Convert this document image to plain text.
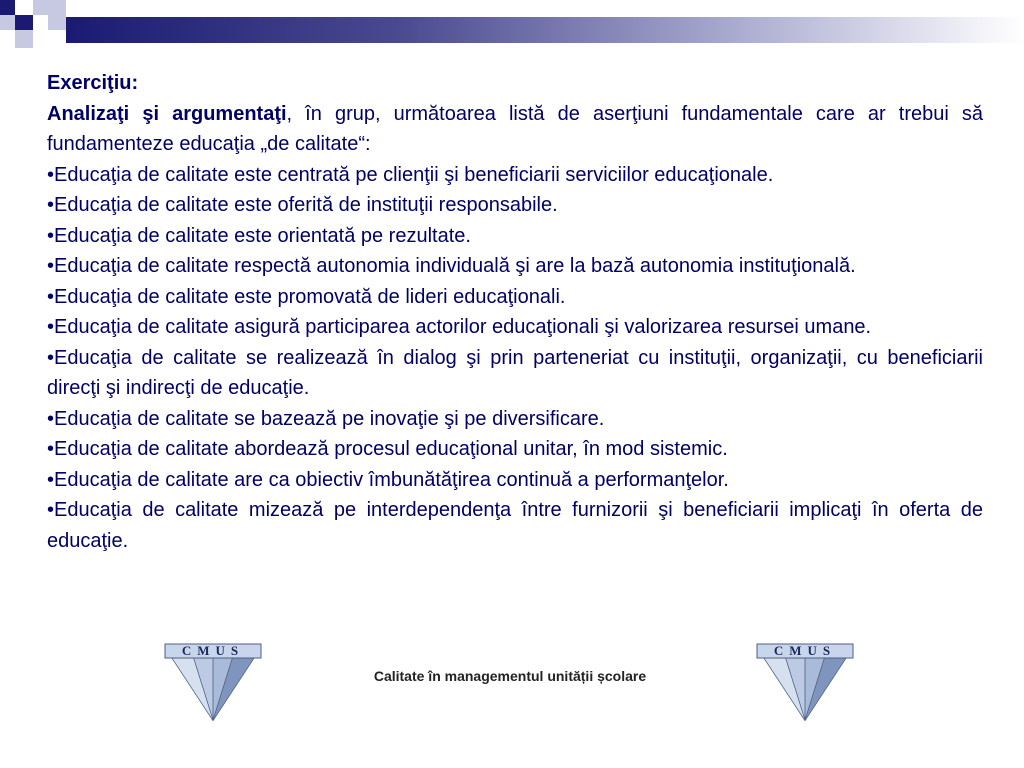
Exerciţiu:

Analizaţi şi argumentaţi, în grup, următoarea listă de aserţiuni fundamentale care ar trebui să fundamenteze educaţia „de calitate“:

• Educaţia de calitate este centrată pe clienţii şi beneficiarii serviciilor educaţionale.

• Educaţia de calitate este oferită de instituţii responsabile.

• Educaţia de calitate este orientată pe rezultate.

• Educaţia de calitate respectă autonomia individuală şi are la bază autonomia instituţională.

• Educaţia de calitate este promovată de lideri educaţionali.

• Educaţia de calitate asigură participarea actorilor educaţionali şi valorizarea resursei umane.

• Educaţia de calitate se realizează în dialog şi prin parteneriat cu instituţii, organizaţii, cu beneficiarii direcţi şi indirecţi de educaţie.

• Educaţia de calitate se bazează pe inovaţie şi pe diversificare.

• Educaţia de calitate abordează procesul educaţional unitar, în mod sistemic.

• Educaţia de calitate are ca obiectiv îmbunătăţirea continuă a performanţelor.

• Educaţia de calitate mizează pe interdependenţa între furnizorii şi beneficiarii implicaţi în oferta de educaţie.

CMUS
Calitate în managementul unității școlare
CMUS
